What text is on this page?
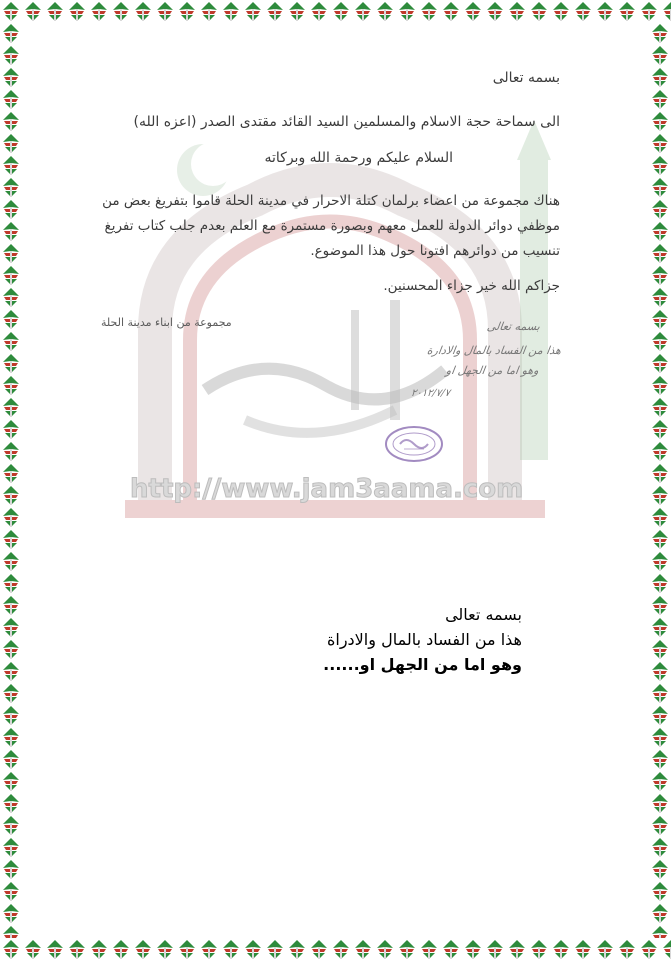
http://www.jam3aama.com
بسمه تعالى
الى سماحة حجة الاسلام والمسلمين السيد القائد مقتدى الصدر (اعزه الله)
السلام عليكم ورحمة الله وبركاته
هناك مجموعة من اعضاء برلمان كتلة الاحرار في مدينة الحلة قاموا بتفريغ بعض من موظفي دوائر الدولة للعمل معهم وبصورة مستمرة مع العلم بعدم جلب كتاب تفريغ تنسيب من دوائرهم افتونا حول هذا الموضوع.
جزاكم الله خير جزاء المحسنين.
مجموعة من ابناء مدينة الحلة	بسمه تعالى
هذا من الفساد بالمال والادارة
وهو اما من الجهل او
٢٠١٢/٧/٧
بسمه تعالى
هذا من الفساد بالمال والادراة
وهو اما من الجهل او......
